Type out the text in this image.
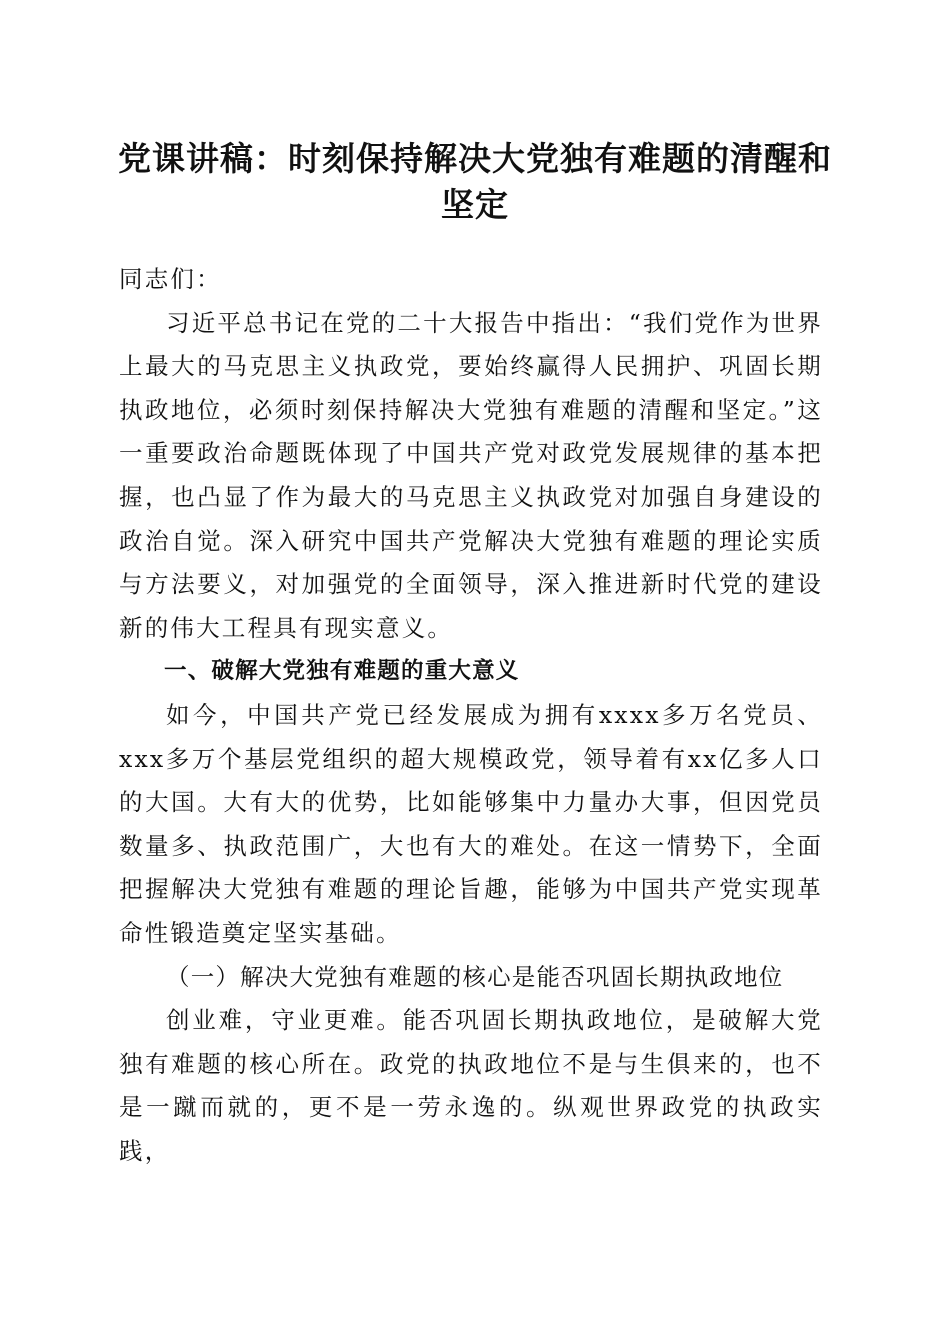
党课讲稿：时刻保持解决大党独有难题的清醒和坚定

同志们：

习近平总书记在党的二十大报告中指出：“我们党作为世界上最大的马克思主义执政党，要始终赢得人民拥护、巩固长期执政地位，必须时刻保持解决大党独有难题的清醒和坚定。”这一重要政治命题既体现了中国共产党对政党发展规律的基本把握，也凸显了作为最大的马克思主义执政党对加强自身建设的政治自觉。深入研究中国共产党解决大党独有难题的理论实质与方法要义，对加强党的全面领导，深入推进新时代党的建设新的伟大工程具有现实意义。

一、破解大党独有难题的重大意义

如今，中国共产党已经发展成为拥有xxxx多万名党员、xxx多万个基层党组织的超大规模政党，领导着有xx亿多人口的大国。大有大的优势，比如能够集中力量办大事，但因党员数量多、执政范围广，大也有大的难处。在这一情势下，全面把握解决大党独有难题的理论旨趣，能够为中国共产党实现革命性锻造奠定坚实基础。

（一）解决大党独有难题的核心是能否巩固长期执政地位

创业难，守业更难。能否巩固长期执政地位，是破解大党独有难题的核心所在。政党的执政地位不是与生俱来的，也不是一蹴而就的，更不是一劳永逸的。纵观世界政党的执政实践，
